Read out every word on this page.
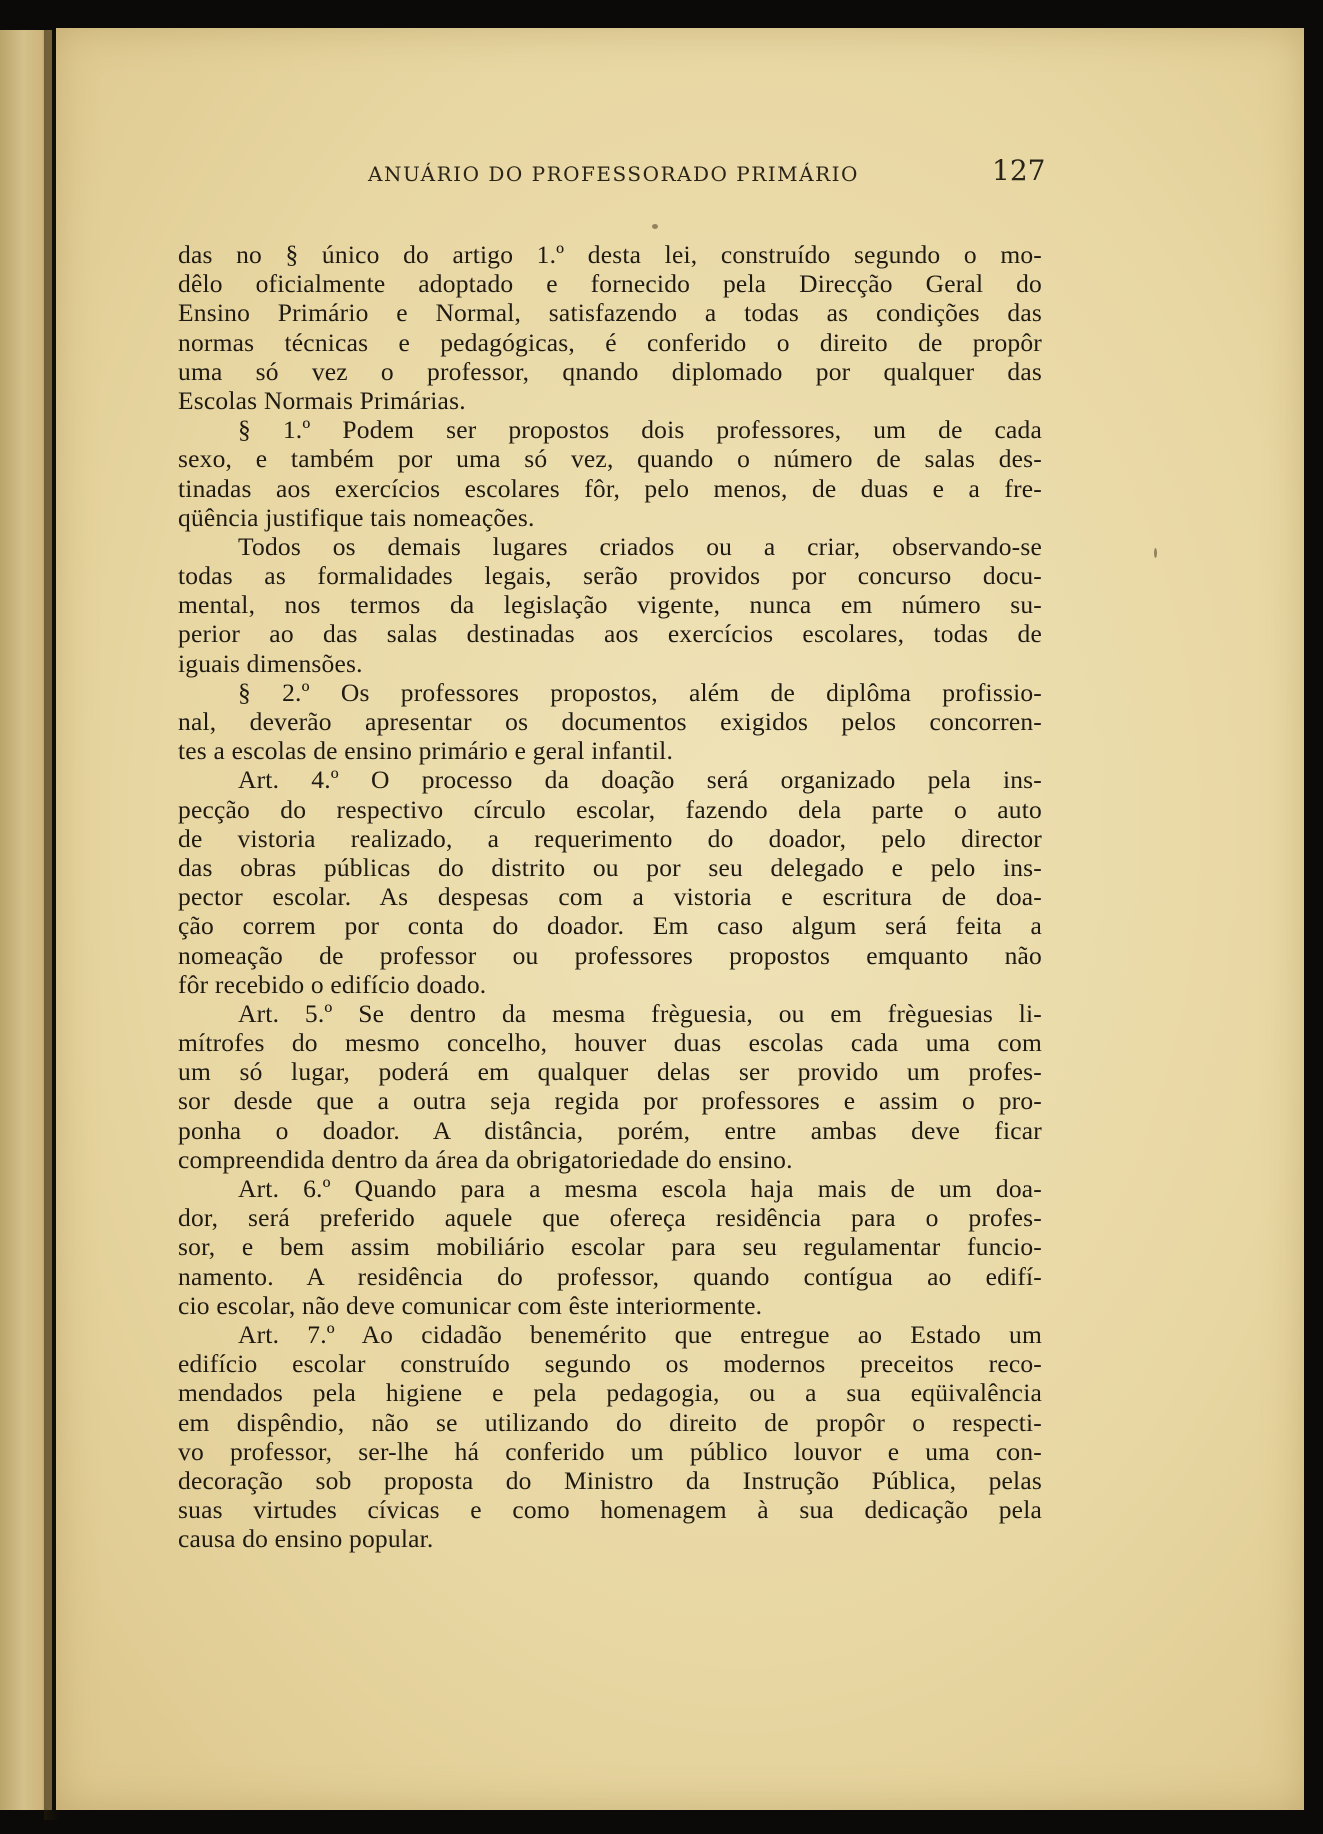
ANUÁRIO DO PROFESSORADO PRIMÁRIO	127
das no § único do artigo 1.º desta lei, construído segundo o mo-
dêlo oficialmente adoptado e fornecido pela Direcção Geral do
Ensino Primário e Normal, satisfazendo a todas as condições das
normas técnicas e pedagógicas, é conferido o direito de propôr
uma só vez o professor, qnando diplomado por qualquer das
Escolas Normais Primárias.
§ 1.º Podem ser propostos dois professores, um de cada
sexo, e também por uma só vez, quando o número de salas des-
tinadas aos exercícios escolares fôr, pelo menos, de duas e a fre-
qüência justifique tais nomeações.
Todos os demais lugares criados ou a criar, observando-se
todas as formalidades legais, serão providos por concurso docu-
mental, nos termos da legislação vigente, nunca em número su-
perior ao das salas destinadas aos exercícios escolares, todas de
iguais dimensões.
§ 2.º Os professores propostos, além de diplôma profissio-
nal, deverão apresentar os documentos exigidos pelos concorren-
tes a escolas de ensino primário e geral infantil.
Art. 4.º O processo da doação será organizado pela ins-
pecção do respectivo círculo escolar, fazendo dela parte o auto
de vistoria realizado, a requerimento do doador, pelo director
das obras públicas do distrito ou por seu delegado e pelo ins-
pector escolar. As despesas com a vistoria e escritura de doa-
ção correm por conta do doador. Em caso algum será feita a
nomeação de professor ou professores propostos emquanto não
fôr recebido o edifício doado.
Art. 5.º Se dentro da mesma frèguesia, ou em frèguesias li-
mítrofes do mesmo concelho, houver duas escolas cada uma com
um só lugar, poderá em qualquer delas ser provido um profes-
sor desde que a outra seja regida por professores e assim o pro-
ponha o doador. A distância, porém, entre ambas deve ficar
compreendida dentro da área da obrigatoriedade do ensino.
Art. 6.º Quando para a mesma escola haja mais de um doa-
dor, será preferido aquele que ofereça residência para o profes-
sor, e bem assim mobiliário escolar para seu regulamentar funcio-
namento. A residência do professor, quando contígua ao edifí-
cio escolar, não deve comunicar com êste interiormente.
Art. 7.º Ao cidadão benemérito que entregue ao Estado um
edifício escolar construído segundo os modernos preceitos reco-
mendados pela higiene e pela pedagogia, ou a sua eqüivalência
em dispêndio, não se utilizando do direito de propôr o respecti-
vo professor, ser-lhe há conferido um público louvor e uma con-
decoração sob proposta do Ministro da Instrução Pública, pelas
suas virtudes cívicas e como homenagem à sua dedicação pela
causa do ensino popular.
